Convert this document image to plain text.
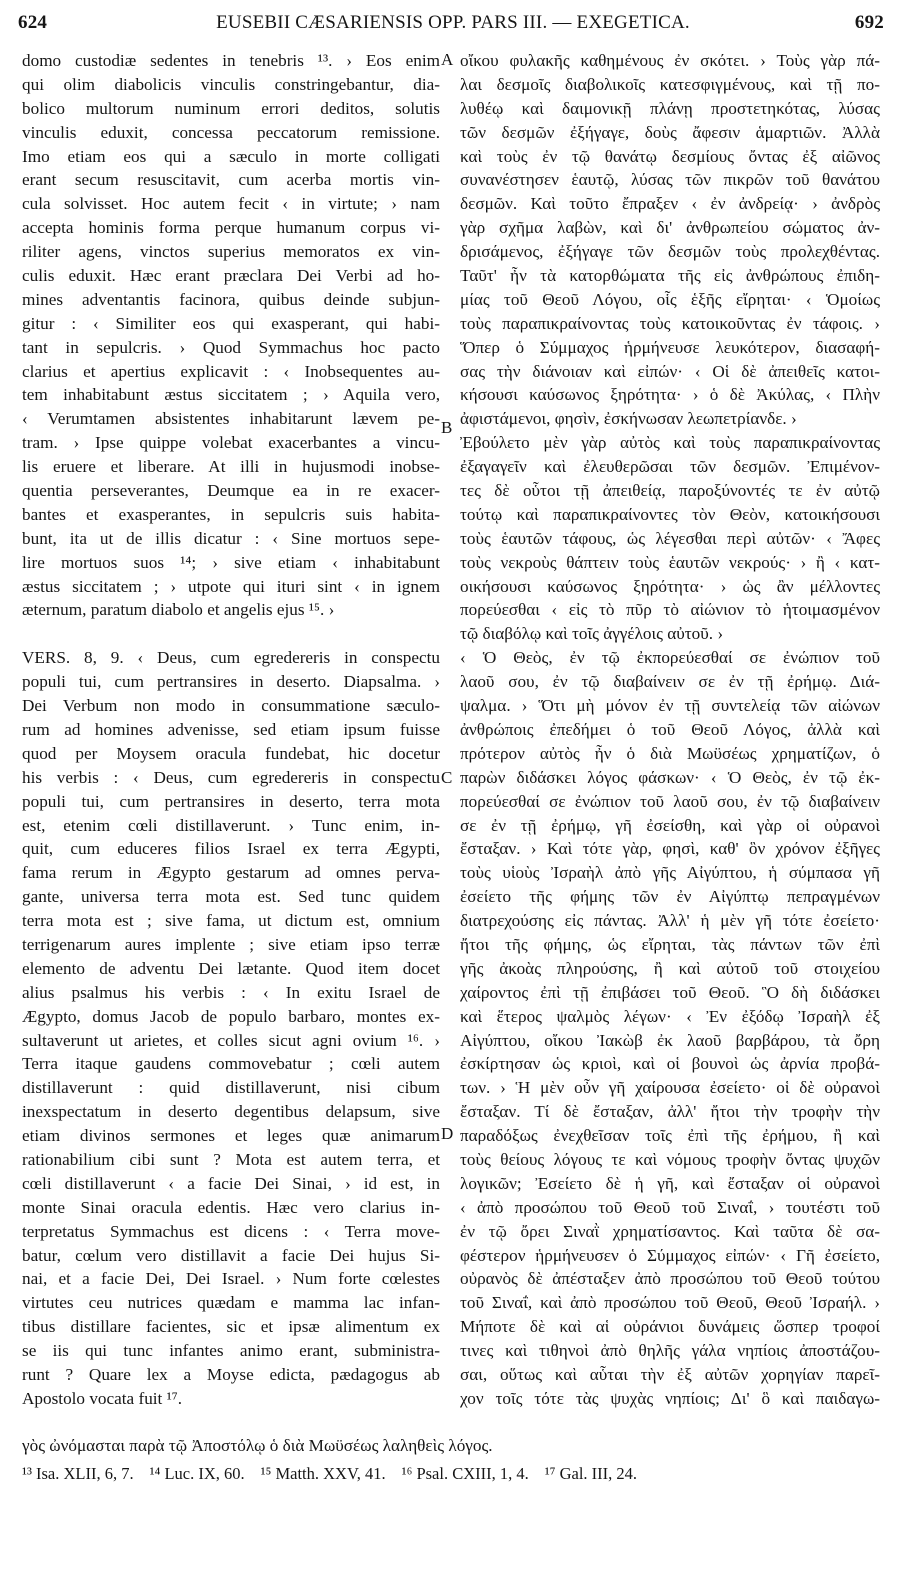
624	EUSEBII CÆSARIENSIS OPP. PARS III. — EXEGETICA.	692
domo custodiæ sedentes in tenebris ¹³. › Eos enim
qui olim diabolicis vinculis constringebantur, dia-
bolico multorum numinum errori deditos, solutis
vinculis eduxit, concessa peccatorum remissione.
Imo etiam eos qui a sæculo in morte colligati
erant secum resuscitavit, cum acerba mortis vin-
cula solvisset. Hoc autem fecit ‹ in virtute; › nam
accepta hominis forma perque humanum corpus vi-
riliter agens, vinctos superius memoratos ex vin-
culis eduxit. Hæc erant præclara Dei Verbi ad ho-
mines adventantis facinora, quibus deinde subjun-
gitur : ‹ Similiter eos qui exasperant, qui habi-
tant in sepulcris. › Quod Symmachus hoc pacto
clarius et apertius explicavit : ‹ Inobsequentes au-
tem inhabitabunt æstus siccitatem ; › Aquila vero,
‹ Verumtamen absistentes inhabitarunt lævem pe-
tram. › Ipse quippe volebat exacerbantes a vincu-
lis eruere et liberare. At illi in hujusmodi inobse-
quentia perseverantes, Deumque ea in re exacer-
bantes et exasperantes, in sepulcris suis habita-
bunt, ita ut de illis dicatur : ‹ Sine mortuos sepe-
lire mortuos suos ¹⁴; › sive etiam ‹ inhabitabunt
æstus siccitatem ; › utpote qui ituri sint ‹ in ignem
æternum, paratum diabolo et angelis ejus ¹⁵. ›
VERS. 8, 9. ‹ Deus, cum egredereris in conspectu
populi tui, cum pertransires in deserto. Diapsalma. ›
Dei Verbum non modo in consummatione sæculo-
rum ad homines advenisse, sed etiam ipsum fuisse
quod per Moysem oracula fundebat, hic docetur
his verbis : ‹ Deus, cum egredereris in conspectu
populi tui, cum pertransires in deserto, terra mota
est, etenim cœli distillaverunt. › Tunc enim, in-
quit, cum educeres filios Israel ex terra Ægypti,
fama rerum in Ægypto gestarum ad omnes perva-
gante, universa terra mota est. Sed tunc quidem
terra mota est ; sive fama, ut dictum est, omnium
terrigenarum aures implente ; sive etiam ipso terræ
elemento de adventu Dei lætante. Quod item docet
alius psalmus his verbis : ‹ In exitu Israel de
Ægypto, domus Jacob de populo barbaro, montes ex-
sultaverunt ut arietes, et colles sicut agni ovium ¹⁶. ›
Terra itaque gaudens commovebatur ; cœli autem
distillaverunt : quid distillaverunt, nisi cibum
inexspectatum in deserto degentibus delapsum, sive
etiam divinos sermones et leges quæ animarum
rationabilium cibi sunt ? Mota est autem terra, et
cœli distillaverunt ‹ a facie Dei Sinai, › id est, in
monte Sinai oracula edentis. Hæc vero clarius in-
terpretatus Symmachus est dicens : ‹ Terra move-
batur, cœlum vero distillavit a facie Dei hujus Si-
nai, et a facie Dei, Dei Israel. › Num forte cœlestes
virtutes ceu nutrices quædam e mamma lac infan-
tibus distillare facientes, sic et ipsæ alimentum ex
se iis qui tunc infantes animo erant, subministra-
runt ? Quare lex a Moyse edicta, pædagogus ab
Apostolo vocata fuit ¹⁷.
οἴκου φυλακῆς καθημένους ἐν σκότει. › Τοὺς γὰρ πά-
λαι δεσμοῖς διαβολικοῖς κατεσφιγμένους, καὶ τῇ πο-
λυθέῳ καὶ δαιμονικῇ πλάνῃ προστετηκότας, λύσας
τῶν δεσμῶν ἐξήγαγε, δοὺς ἄφεσιν ἁμαρτιῶν. Ἀλλὰ
καὶ τοὺς ἐν τῷ θανάτῳ δεσμίους ὄντας ἐξ αἰῶνος
συνανέστησεν ἑαυτῷ, λύσας τῶν πικρῶν τοῦ θανάτου
δεσμῶν. Καὶ τοῦτο ἔπραξεν ‹ ἐν ἀνδρείᾳ· › ἀνδρὸς
γὰρ σχῆμα λαβὼν, καὶ δι' ἀνθρωπείου σώματος ἀν-
δρισάμενος, ἐξήγαγε τῶν δεσμῶν τοὺς προλεχθέντας.
Ταῦτ' ἦν τὰ κατορθώματα τῆς εἰς ἀνθρώπους ἐπιδη-
μίας τοῦ Θεοῦ Λόγου, οἷς ἑξῆς εἴρηται· ‹ Ὁμοίως
τοὺς παραπικραίνοντας τοὺς κατοικοῦντας ἐν τάφοις. ›
Ὅπερ ὁ Σύμμαχος ἡρμήνευσε λευκότερον, διασαφή-
σας τὴν διάνοιαν καὶ εἰπών· ‹ Οἱ δὲ ἀπειθεῖς κατοι-
κήσουσι καύσωνος ξηρότητα· › ὁ δὲ Ἀκύλας, ‹ Πλὴν
ἀφιστάμενοι, φησὶν, ἐσκήνωσαν λεωπετρίανδε. ›
Ἐβούλετο μὲν γὰρ αὐτὸς καὶ τοὺς παραπικραίνοντας
ἐξαγαγεῖν καὶ ἐλευθερῶσαι τῶν δεσμῶν. Ἐπιμένον-
τες δὲ οὗτοι τῇ ἀπειθείᾳ, παροξύνοντές τε ἐν αὐτῷ
τούτῳ καὶ παραπικραίνοντες τὸν Θεὸν, κατοικήσουσι
τοὺς ἑαυτῶν τάφους, ὡς λέγεσθαι περὶ αὐτῶν· ‹ Ἄφες
τοὺς νεκροὺς θάπτειν τοὺς ἑαυτῶν νεκρούς· › ἢ ‹ κατ-
οικήσουσι καύσωνος ξηρότητα· › ὡς ἂν μέλλοντες
πορεύεσθαι ‹ εἰς τὸ πῦρ τὸ αἰώνιον τὸ ἡτοιμασμένον
τῷ διαβόλῳ καὶ τοῖς ἀγγέλοις αὐτοῦ. ›
‹ Ὁ Θεὸς, ἐν τῷ ἐκπορεύεσθαί σε ἐνώπιον τοῦ
λαοῦ σου, ἐν τῷ διαβαίνειν σε ἐν τῇ ἐρήμῳ. Διά-
ψαλμα. › Ὅτι μὴ μόνον ἐν τῇ συντελείᾳ τῶν αἰώνων
ἀνθρώποις ἐπεδήμει ὁ τοῦ Θεοῦ Λόγος, ἀλλὰ καὶ
πρότερον αὐτὸς ἦν ὁ διὰ Μωϋσέως χρηματίζων, ὁ
παρὼν διδάσκει λόγος φάσκων· ‹ Ὁ Θεὸς, ἐν τῷ ἐκ-
πορεύεσθαί σε ἐνώπιον τοῦ λαοῦ σου, ἐν τῷ διαβαίνειν
σε ἐν τῇ ἐρήμῳ, γῆ ἐσείσθη, καὶ γὰρ οἱ οὐρανοὶ
ἔσταξαν. › Καὶ τότε γὰρ, φησὶ, καθ' ὃν χρόνον ἐξῆγες
τοὺς υἱοὺς Ἰσραὴλ ἀπὸ γῆς Αἰγύπτου, ἡ σύμπασα γῆ
ἐσείετο τῆς φήμης τῶν ἐν Αἰγύπτῳ πεπραγμένων
διατρεχούσης εἰς πάντας. Ἀλλ' ἡ μὲν γῆ τότε ἐσείετο·
ἤτοι τῆς φήμης, ὡς εἴρηται, τὰς πάντων τῶν ἐπὶ
γῆς ἀκοὰς πληρούσης, ἢ καὶ αὐτοῦ τοῦ στοιχείου
χαίροντος ἐπὶ τῇ ἐπιβάσει τοῦ Θεοῦ. Ὃ δὴ διδάσκει
καὶ ἕτερος ψαλμὸς λέγων· ‹ Ἐν ἐξόδῳ Ἰσραὴλ ἐξ
Αἰγύπτου, οἴκου Ἰακὼβ ἐκ λαοῦ βαρβάρου, τὰ ὄρη
ἐσκίρτησαν ὡς κριοὶ, καὶ οἱ βουνοὶ ὡς ἀρνία προβά-
των. › Ἡ μὲν οὖν γῆ χαίρουσα ἐσείετο· οἱ δὲ οὐρανοὶ
ἔσταξαν. Τί δὲ ἔσταξαν, ἀλλ' ἤτοι τὴν τροφὴν τὴν
παραδόξως ἐνεχθεῖσαν τοῖς ἐπὶ τῆς ἐρήμου, ἢ καὶ
τοὺς θείους λόγους τε καὶ νόμους τροφὴν ὄντας ψυχῶν
λογικῶν; Ἐσείετο δὲ ἡ γῆ, καὶ ἔσταξαν οἱ οὐρανοὶ
‹ ἀπὸ προσώπου τοῦ Θεοῦ τοῦ Σιναΐ, › τουτέστι τοῦ
ἐν τῷ ὄρει Σιναῒ χρηματίσαντος. Καὶ ταῦτα δὲ σα-
φέστερον ἡρμήνευσεν ὁ Σύμμαχος εἰπών· ‹ Γῆ ἐσείετο,
οὐρανὸς δὲ ἀπέσταξεν ἀπὸ προσώπου τοῦ Θεοῦ τούτου
τοῦ Σιναΐ, καὶ ἀπὸ προσώπου τοῦ Θεοῦ, Θεοῦ Ἰσραήλ. ›
Μήποτε δὲ καὶ αἱ οὐράνιοι δυνάμεις ὥσπερ τροφοί
τινες καὶ τιθηνοὶ ἀπὸ θηλῆς γάλα νηπίοις ἀποστάζου-
σαι, οὕτως καὶ αὗται τὴν ἐξ αὐτῶν χορηγίαν παρεῖ-
χον τοῖς τότε τὰς ψυχὰς νηπίοις; Δι' ὃ καὶ παιδαγω-
A
B
C
D
γὸς ὠνόμασται παρὰ τῷ Ἀποστόλῳ ὁ διὰ Μωϋσέως λαληθεὶς λόγος.
¹³ Isa. XLII, 6, 7. ¹⁴ Luc. IX, 60. ¹⁵ Matth. XXV, 41. ¹⁶ Psal. CXIII, 1, 4. ¹⁷ Gal. III, 24.
